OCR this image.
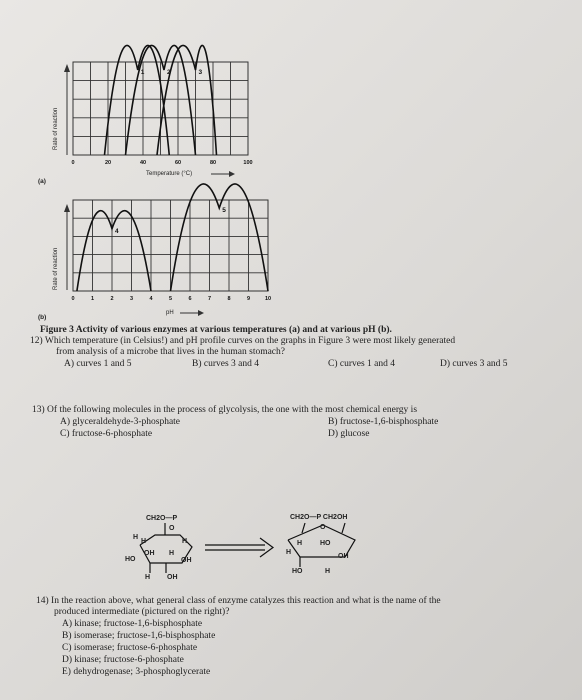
1	2	3
0	20	40	60	80	100
4
5
0	1	2	3	4	5	6	7	8	9	10
Rate of reaction
Temperature (°C)
(a)
Rate of reaction
pH
(b)
Figure 3 Activity of various enzymes at various temperatures (a) and at various pH (b).
12) Which temperature (in Celsius!) and pH profile curves on the graphs in Figure 3 were most likely generated
from analysis of a microbe that lives in the human stomach?
A) curves 1 and 5	B) curves 3 and 4	C) curves 1 and 4	D) curves 3 and 5
13) Of the following molecules in the process of glycolysis, the one with the most chemical energy is
A) glyceraldehyde-3-phosphate	B) fructose-1,6-bisphosphate
C) fructose-6-phosphate	D) glucose
CH2O—P
O
H
H	H
OH H
HO	OH
H OH
CH2O—P CH2OH
O
H	HO
H
OH
HO	H
14) In the reaction above, what general class of enzyme catalyzes this reaction and what is the name of the
produced intermediate (pictured on the right)?
A) kinase; fructose-1,6-bisphosphate
B) isomerase; fructose-1,6-bisphosphate
C) isomerase; fructose-6-phosphate
D) kinase; fructose-6-phosphate
E) dehydrogenase; 3-phosphoglycerate
